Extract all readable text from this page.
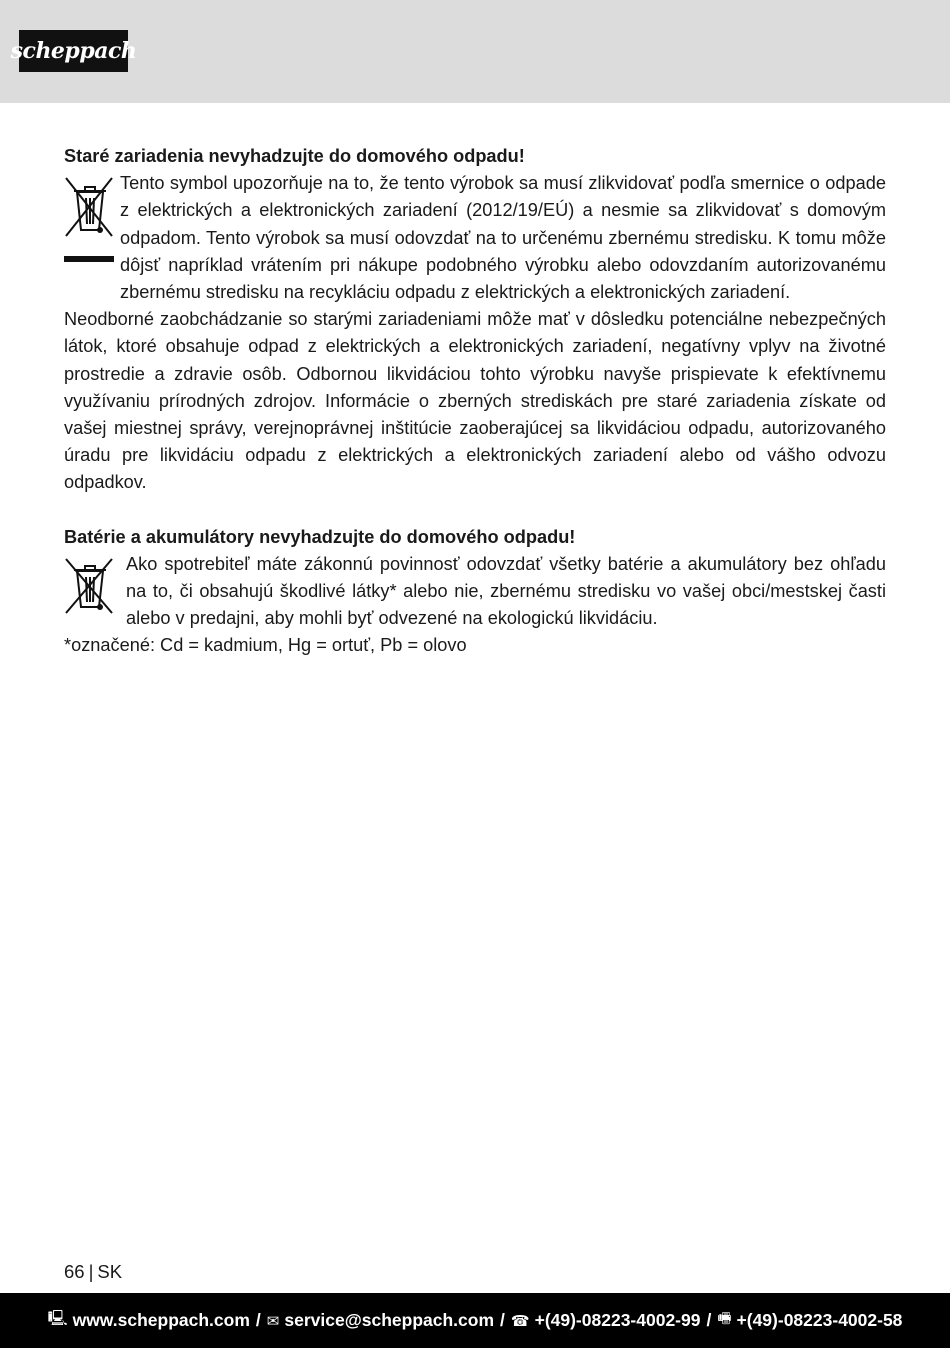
scheppach

Staré zariadenia nevyhadzujte do domového odpadu!

Tento symbol upozorňuje na to, že tento výrobok sa musí zlikvidovať podľa smernice o odpade z elektrických a elektronických zariadení (2012/19/EÚ) a nesmie sa zlikvidovať s domovým odpadom. Tento výrobok sa musí odovzdať na to určenému zbernému stredisku. K tomu môže dôjsť napríklad vrátením pri nákupe podobného výrobku alebo odovzdaním autorizovanému zbernému stredisku na recykláciu odpadu z elektrických a elektronických zariadení.

Neodborné zaobchádzanie so starými zariadeniami môže mať v dôsledku potenciálne nebezpečných látok, ktoré obsahuje odpad z elektrických a elektronických zariadení, negatívny vplyv na životné prostredie a zdravie osôb. Odbornou likvidáciou tohto výrobku navyše prispievate k efektívnemu využívaniu prírodných zdrojov. Informácie o zberných strediskách pre staré zariadenia získate od vašej miestnej správy, verejnoprávnej inštitúcie zaoberajúcej sa likvidáciou odpadu, autorizovaného úradu pre likvidáciu odpadu z elektrických a elektronických zariadení alebo od vášho odvozu odpadkov.

Batérie a akumulátory nevyhadzujte do domového odpadu!

Ako spotrebiteľ máte zákonnú povinnosť odovzdať všetky batérie a akumulátory bez ohľadu na to, či obsahujú škodlivé látky* alebo nie, zbernému stredisku vo vašej obci/mestskej časti alebo v predajni, aby mohli byť odvezené na ekologickú likvidáciu.

*označené: Cd = kadmium, Hg = ortuť, Pb = olovo

66 | SK
🖳 www.scheppach.com / ✉ service@scheppach.com / ☎ +(49)-08223-4002-99 / 🖷 +(49)-08223-4002-58
